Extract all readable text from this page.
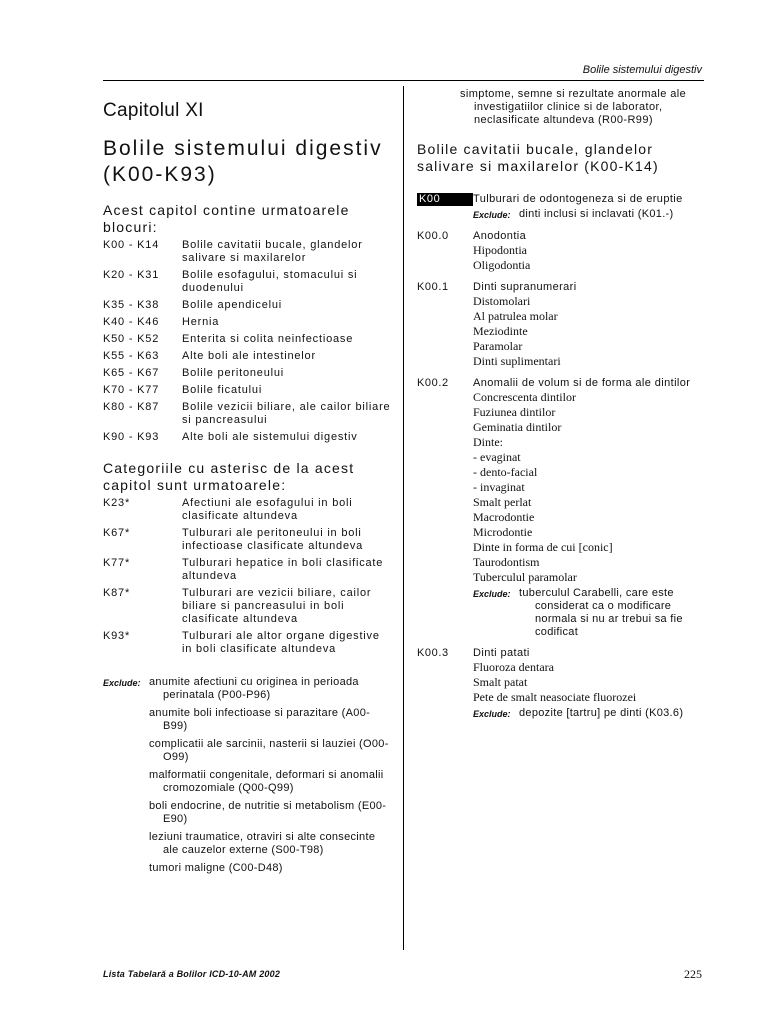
Bolile sistemului digestiv
Capitolul XI
Bolile sistemului digestiv (K00-K93)
Acest capitol contine urmatoarele blocuri:
K00 - K14	Bolile cavitatii bucale, glandelor salivare si maxilarelor
K20 - K31	Bolile esofagului, stomacului si duodenului
K35 - K38	Bolile apendicelui
K40 - K46	Hernia
K50 - K52	Enterita si colita neinfectioase
K55 - K63	Alte boli ale intestinelor
K65 - K67	Bolile peritoneului
K70 - K77	Bolile ficatului
K80 - K87	Bolile vezicii biliare, ale cailor biliare si pancreasului
K90 - K93	Alte boli ale sistemului digestiv
Categoriile cu asterisc de la acest capitol sunt urmatoarele:
K23*	Afectiuni ale esofagului in boli clasificate altundeva
K67*	Tulburari ale peritoneului in boli infectioase clasificate altundeva
K77*	Tulburari hepatice in boli clasificate altundeva
K87*	Tulburari are vezicii biliare, cailor biliare si pancreasului in boli clasificate altundeva
K93*	Tulburari ale altor organe digestive in boli clasificate altundeva
Exclude: anumite afectiuni cu originea in perioada perinatala (P00-P96)
anumite boli infectioase si parazitare (A00-B99)
complicatii ale sarcinii, nasterii si lauziei (O00-O99)
malformatii congenitale, deformari si anomalii cromozomiale (Q00-Q99)
boli endocrine, de nutritie si metabolism (E00-E90)
leziuni traumatice, otraviri si alte consecinte ale cauzelor externe (S00-T98)
tumori maligne (C00-D48)
simptome, semne si rezultate anormale ale investigatiilor clinice si de laborator, neclasificate altundeva (R00-R99)
Bolile cavitatii bucale, glandelor salivare si maxilarelor (K00-K14)
K00	Tulburari de odontogeneza si de eruptie
Exclude: dinti inclusi si inclavati (K01.-)
K00.0	Anodontia
Hipodontia
Oligodontia
K00.1	Dinti supranumerari
Distomolari
Al patrulea molar
Meziodinte
Paramolar
Dinti suplimentari
K00.2	Anomalii de volum si de forma ale dintilor
Concrescenta dintilor
Fuziunea dintilor
Geminatia dintilor
Dinte:
- evaginat
- dento-facial
- invaginat
Smalt perlat
Macrodontie
Microdontie
Dinte in forma de cui [conic]
Taurodontism
Tuberculul paramolar
Exclude: tuberculul Carabelli, care este considerat ca o modificare normala si nu ar trebui sa fie codificat
K00.3	Dinti patati
Fluoroza dentara
Smalt patat
Pete de smalt neasociate fluorozei
Exclude: depozite [tartru] pe dinti (K03.6)
Lista Tabelară a Bolilor ICD-10-AM 2002	225
